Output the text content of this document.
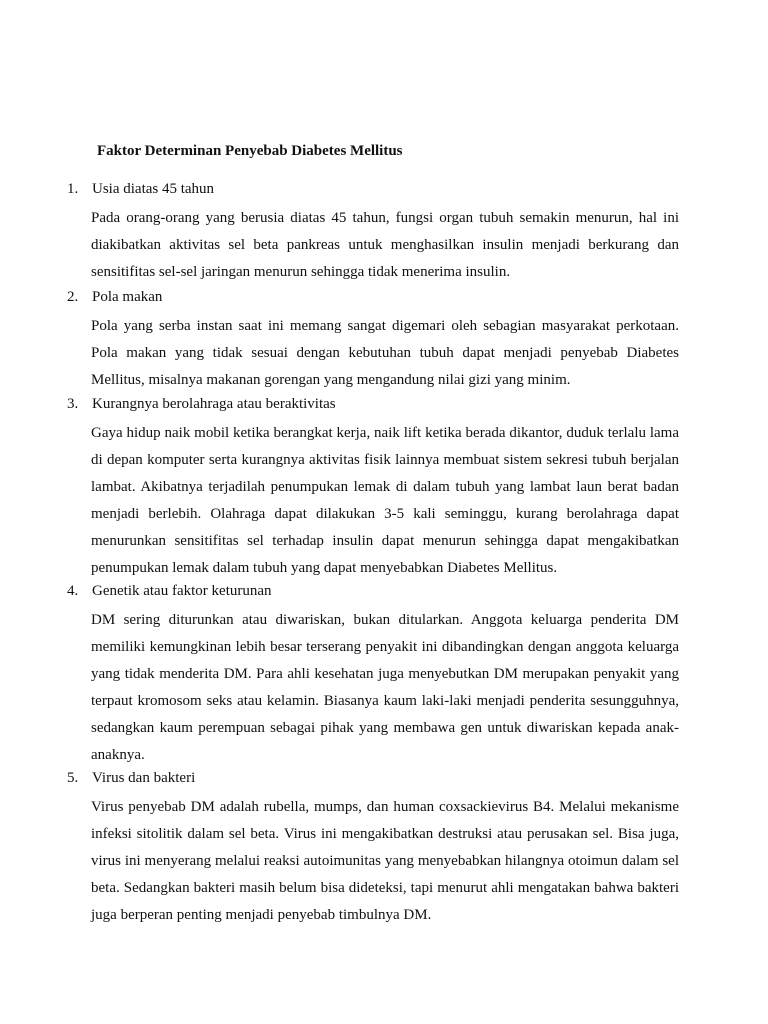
Faktor Determinan Penyebab Diabetes Mellitus
1. Usia diatas 45 tahun
Pada orang-orang yang berusia diatas 45 tahun, fungsi organ tubuh semakin menurun, hal ini diakibatkan aktivitas sel beta pankreas untuk menghasilkan insulin menjadi berkurang dan sensitifitas sel-sel jaringan menurun sehingga tidak menerima insulin.
2. Pola makan
Pola yang serba instan saat ini memang sangat digemari oleh sebagian masyarakat perkotaan. Pola makan yang tidak sesuai dengan kebutuhan tubuh dapat menjadi penyebab Diabetes Mellitus, misalnya makanan gorengan yang mengandung nilai gizi yang minim.
3. Kurangnya berolahraga atau beraktivitas
Gaya hidup naik mobil ketika berangkat kerja, naik lift ketika berada dikantor, duduk terlalu lama di depan komputer serta kurangnya aktivitas fisik lainnya membuat sistem sekresi tubuh berjalan lambat. Akibatnya terjadilah penumpukan lemak di dalam tubuh yang lambat laun berat badan menjadi berlebih. Olahraga dapat dilakukan 3-5 kali seminggu, kurang berolahraga dapat menurunkan sensitifitas sel terhadap insulin dapat menurun sehingga dapat mengakibatkan penumpukan lemak dalam tubuh yang dapat menyebabkan Diabetes Mellitus.
4. Genetik atau faktor keturunan
DM sering diturunkan atau diwariskan, bukan ditularkan. Anggota keluarga penderita DM memiliki kemungkinan lebih besar terserang penyakit ini dibandingkan dengan anggota keluarga yang tidak menderita DM. Para ahli kesehatan juga menyebutkan DM merupakan penyakit yang terpaut kromosom seks atau kelamin. Biasanya kaum laki-laki menjadi penderita sesungguhnya, sedangkan kaum perempuan sebagai pihak yang membawa gen untuk diwariskan kepada anak-anaknya.
5. Virus dan bakteri
Virus penyebab DM adalah rubella, mumps, dan human coxsackievirus B4. Melalui mekanisme infeksi sitolitik dalam sel beta. Virus ini mengakibatkan destruksi atau perusakan sel. Bisa juga, virus ini menyerang melalui reaksi autoimunitas yang menyebabkan hilangnya otoimun dalam sel beta. Sedangkan bakteri masih belum bisa dideteksi, tapi menurut ahli mengatakan bahwa bakteri juga berperan penting menjadi penyebab timbulnya DM.
